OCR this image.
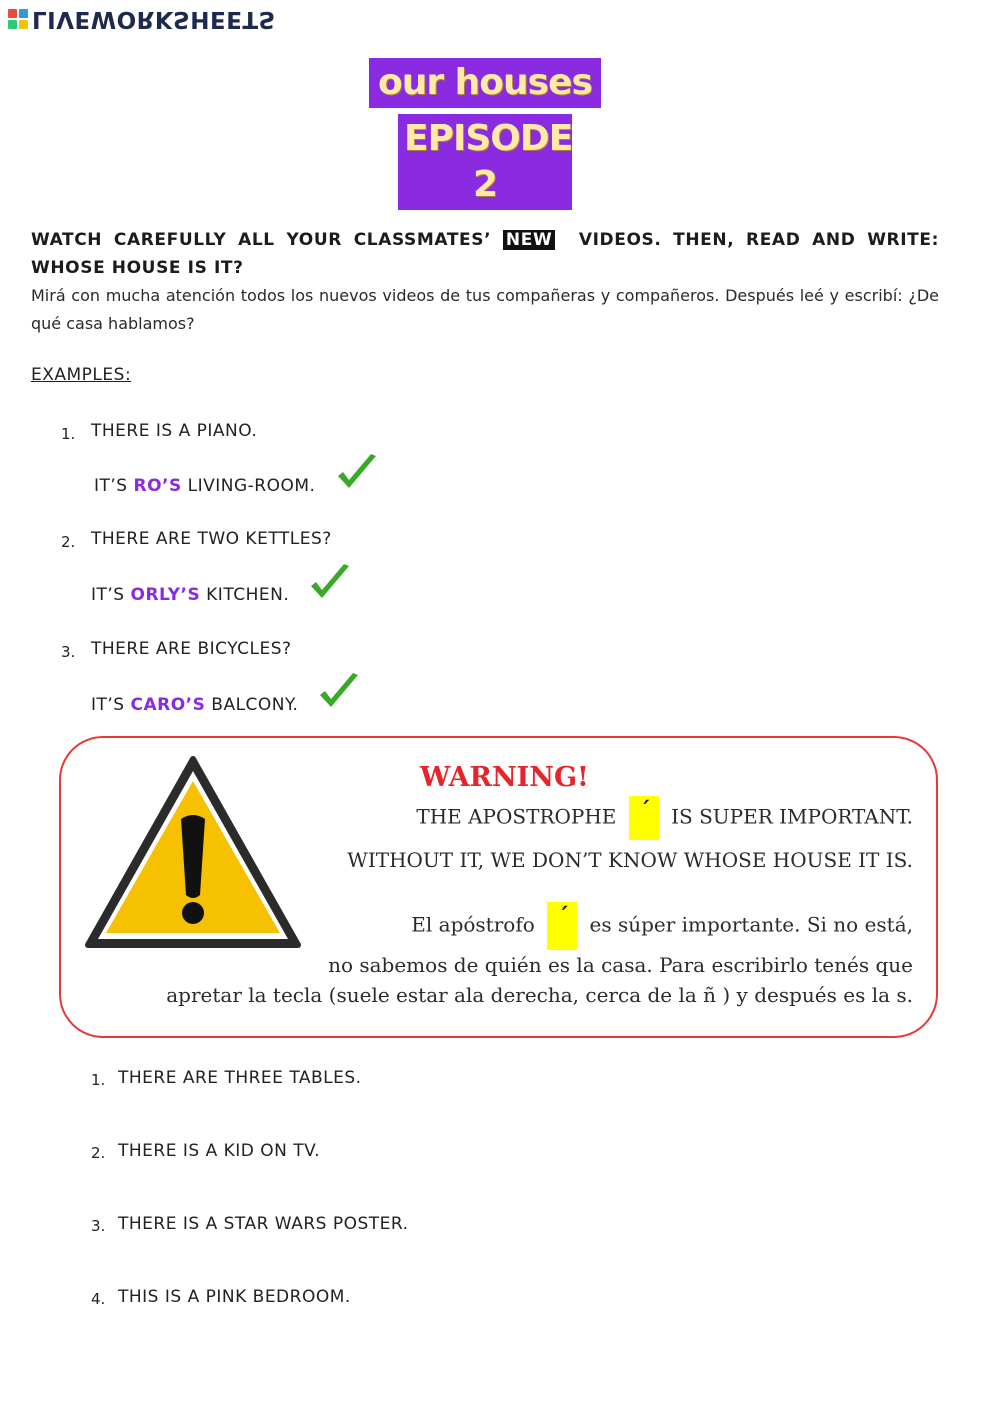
LIVEWORKSHEETS
our houses
EPISODE 2
WATCH CAREFULLY ALL YOUR CLASSMATES’ NEW VIDEOS. THEN, READ AND WRITE: WHOSE HOUSE IS IT?
Mirá con mucha atención todos los nuevos videos de tus compañeras y compañeros. Después leé y escribí: ¿De qué casa hablamos?
EXAMPLES:
1. THERE IS A PIANO.
IT’S RO’S LIVING-ROOM.
2. THERE ARE TWO KETTLES?
IT’S ORLY’S KITCHEN.
3. THERE ARE BICYCLES?
IT’S CARO’S BALCONY.
WARNING!
THE APOSTROPHE ´ IS SUPER IMPORTANT.
WITHOUT IT, WE DON’T KNOW WHOSE HOUSE IT IS.
El apóstrofo ´ es súper importante. Si no está,
no sabemos de quién es la casa. Para escribirlo tenés que
apretar la tecla (suele estar ala derecha, cerca de la ñ ) y después es la s.
1. THERE ARE THREE TABLES.
2. THERE IS A KID ON TV.
3. THERE IS A STAR WARS POSTER.
4. THIS IS A PINK BEDROOM.
